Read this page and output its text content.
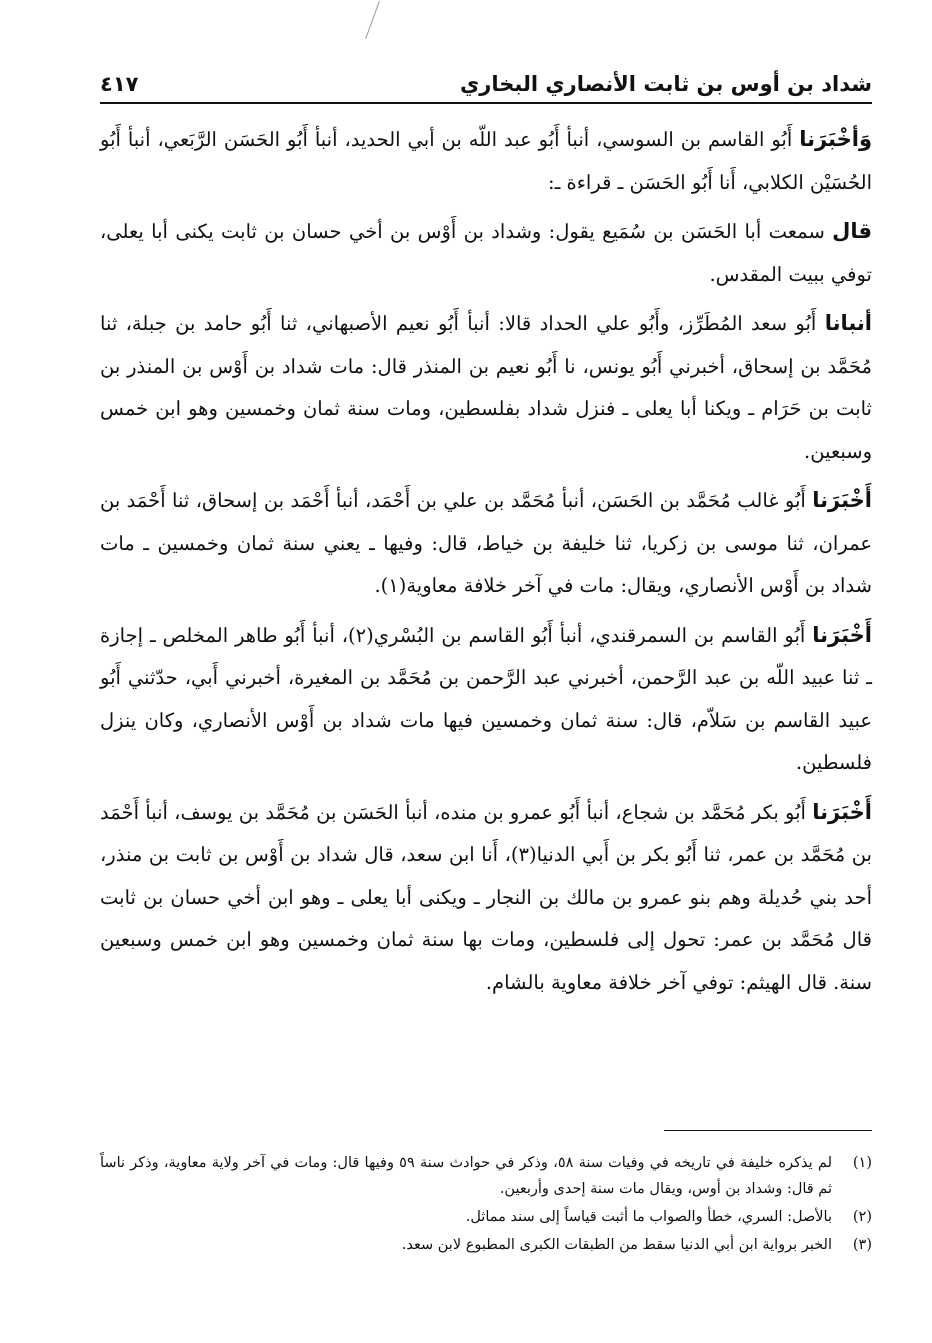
شداد بن أوس بن ثابت الأنصاري البخاري
٤١٧

وَأخْبَرَنا أَبُو القاسم بن السوسي، أنبأ أَبُو عبد اللّه بن أبي الحديد، أنبأ أَبُو الحَسَن الرَّبَعي، أنبأ أَبُو الحُسَيْن الكلابي، أَنا أَبُو الحَسَن ـ قراءة ـ:

قال سمعت أبا الحَسَن بن سُمَيع يقول: وشداد بن أَوْس بن أخي حسان بن ثابت يكنى أبا يعلى، توفي ببيت المقدس.

أنبانا أَبُو سعد المُطَرِّز، وأَبُو علي الحداد قالا: أنبأ أَبُو نعيم الأصبهاني، ثنا أَبُو حامد بن جبلة، ثنا مُحَمَّد بن إسحاق، أخبرني أَبُو يونس، نا أَبُو نعيم بن المنذر قال: مات شداد بن أَوْس بن المنذر بن ثابت بن حَرَام ـ ويكنا أبا يعلى ـ فنزل شداد بفلسطين، ومات سنة ثمان وخمسين وهو ابن خمس وسبعين.

أَخْبَرَنا أَبُو غالب مُحَمَّد بن الحَسَن، أنبأ مُحَمَّد بن علي بن أَحْمَد، أنبأ أَحْمَد بن إسحاق، ثنا أَحْمَد بن عمران، ثنا موسى بن زكريا، ثنا خليفة بن خياط، قال: وفيها ـ يعني سنة ثمان وخمسين ـ مات شداد بن أَوْس الأنصاري، ويقال: مات في آخر خلافة معاوية(١).

أَخْبَرَنا أَبُو القاسم بن السمرقندي، أنبأ أَبُو القاسم بن البُسْري(٢)، أنبأ أَبُو طاهر المخلص ـ إجازة ـ ثنا عبيد اللّه بن عبد الرَّحمن، أخبرني عبد الرَّحمن بن مُحَمَّد بن المغيرة، أخبرني أَبي، حدّثني أَبُو عبيد القاسم بن سَلاّم، قال: سنة ثمان وخمسين فيها مات شداد بن أَوْس الأنصاري، وكان ينزل فلسطين.

أَخْبَرَنا أَبُو بكر مُحَمَّد بن شجاع، أنبأ أَبُو عمرو بن منده، أنبأ الحَسَن بن مُحَمَّد بن يوسف، أنبأ أَحْمَد بن مُحَمَّد بن عمر، ثنا أَبُو بكر بن أَبي الدنيا(٣)، أَنا ابن سعد، قال شداد بن أَوْس بن ثابت بن منذر، أحد بني حُديلة وهم بنو عمرو بن مالك بن النجار ـ ويكنى أبا يعلى ـ وهو ابن أخي حسان بن ثابت قال مُحَمَّد بن عمر: تحول إلى فلسطين، ومات بها سنة ثمان وخمسين وهو ابن خمس وسبعين سنة. قال الهيثم: توفي آخر خلافة معاوية بالشام.

(١)
لم يذكره خليفة في تاريخه في وفيات سنة ٥٨، وذكر في حوادث سنة ٥٩ وفيها قال: ومات في آخر ولاية معاوية، وذكر ناساً ثم قال: وشداد بن أوس، ويقال مات سنة إحدى وأربعين.
(٢)
بالأصل: السري، خطأ والصواب ما أثبت قياساً إلى سند مماثل.
(٣)
الخبر برواية ابن أبي الدنيا سقط من الطبقات الكبرى المطبوع لابن سعد.
